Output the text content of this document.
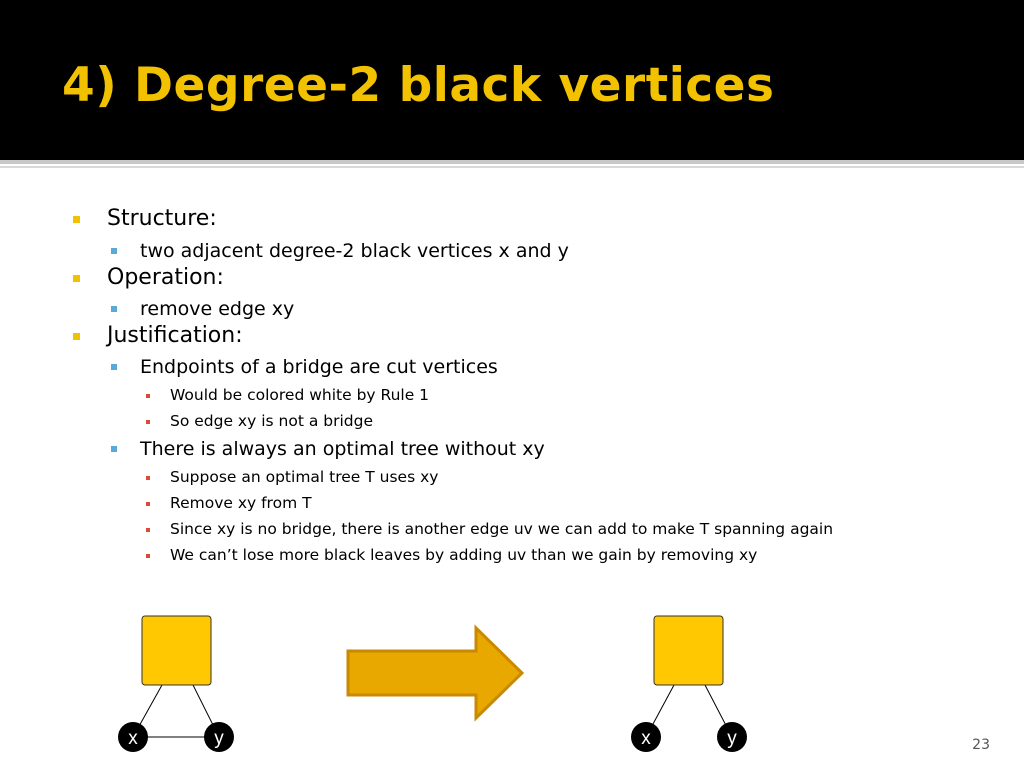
4) Degree-2 black vertices
Structure:
two adjacent degree-2 black vertices x and y
Operation:
remove edge xy
Justification:
Endpoints of a bridge are cut vertices
Would be colored white by Rule 1
So edge xy is not a bridge
There is always an optimal tree without xy
Suppose an optimal tree T uses xy
Remove xy from T
Since xy is no bridge, there is another edge uv we can add to make T spanning again
We can’t lose more black leaves by adding uv than we gain by removing xy
x	y	x	y	23
